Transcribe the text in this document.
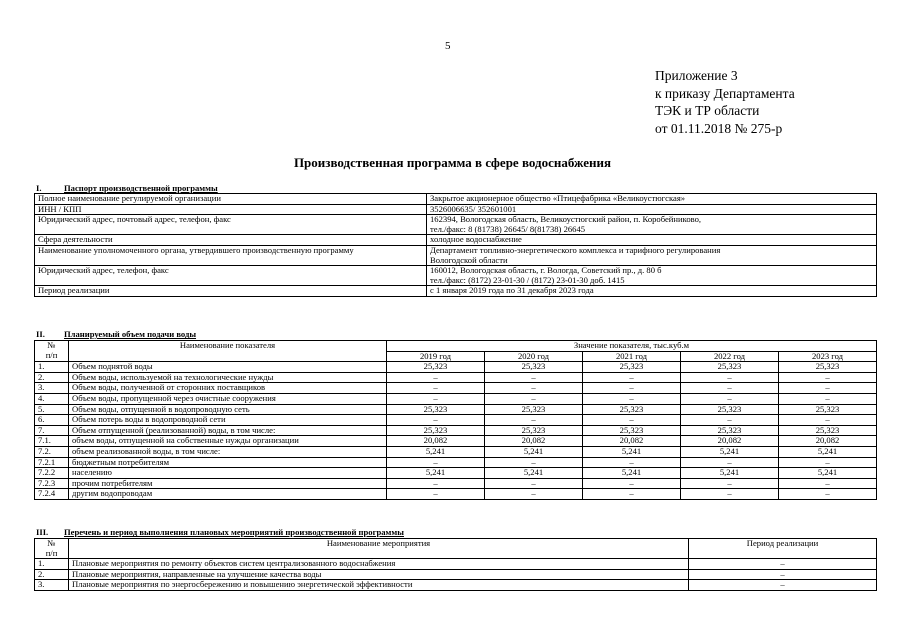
5
Приложение 3
к приказу Департамента
ТЭК и ТР области
от 01.11.2018 № 275-р
Производственная программа в сфере водоснабжения
I.	Паспорт производственной программы
Полное наименование регулируемой организации	Закрытое акционерное общество «Птицефабрика «Великоустюгская»

ИНН / КПП	3526006635/ 352601001

Юридический адрес, почтовый адрес, телефон, факс	162394, Вологодская область, Великоустюгский район, п. Коробейниково,
тел./факс: 8 (81738) 26645/ 8(81738) 26645

Сфера деятельности	холодное водоснабжение

Наименование уполномоченного органа, утвердившего производственную программу	Департамент топливно-энергетического комплекса и тарифного регулирования
Вологодской области

Юридический адрес, телефон, факс	160012, Вологодская область, г. Вологда, Советский пр., д. 80 б
тел./факс: (8172) 23-01-30 / (8172) 23-01-30 доб. 1415

Период реализации	с 1 января 2019 года по 31 декабря 2023 года
II. Планируемый объем подачи воды
№	Наименование показателя	Значение показателя, тыс.куб.м				
п/п		2019 год	2020 год	2021 год	2022 год	2023 год
1.	Объем поднятой воды	25,323	25,323	25,323	25,323	25,323
2.	Объем воды, используемой на технологические нужды	–	–	–	–	–
3.	Объем воды, полученной от сторонних поставщиков	–	–	–	–	–
4.	Объем воды, пропущенной через очистные сооружения	–	–	–	–	–
5.	Объем воды, отпущенной в водопроводную сеть	25,323	25,323	25,323	25,323	25,323
6.	Объем потерь воды в водопроводной сети	–	–	–	–	–
7.	Объем отпущенной (реализованной) воды, в том числе:	25,323	25,323	25,323	25,323	25,323
7.1.	объем воды, отпущенной на собственные нужды организации	20,082	20,082	20,082	20,082	20,082
7.2.	объем реализованной воды, в том числе:	5,241	5,241	5,241	5,241	5,241
7.2.1	бюджетным потребителям	–	–	–	–	–
7.2.2	населению	5,241	5,241	5,241	5,241	5,241
7.2.3	прочим потребителям	–	–	–	–	–
7.2.4	другим водопроводам	–	–	–	–	–
III. Перечень и период выполнения плановых мероприятий производственной программы
№	Наименование мероприятия	Период реализации
п/п		
1.	Плановые мероприятия по ремонту объектов систем централизованного водоснабжения	–
2.	Плановые мероприятия, направленные на улучшение качества воды	–
3.	Плановые мероприятия по энергосбережению и повышению энергетической эффективности	–
